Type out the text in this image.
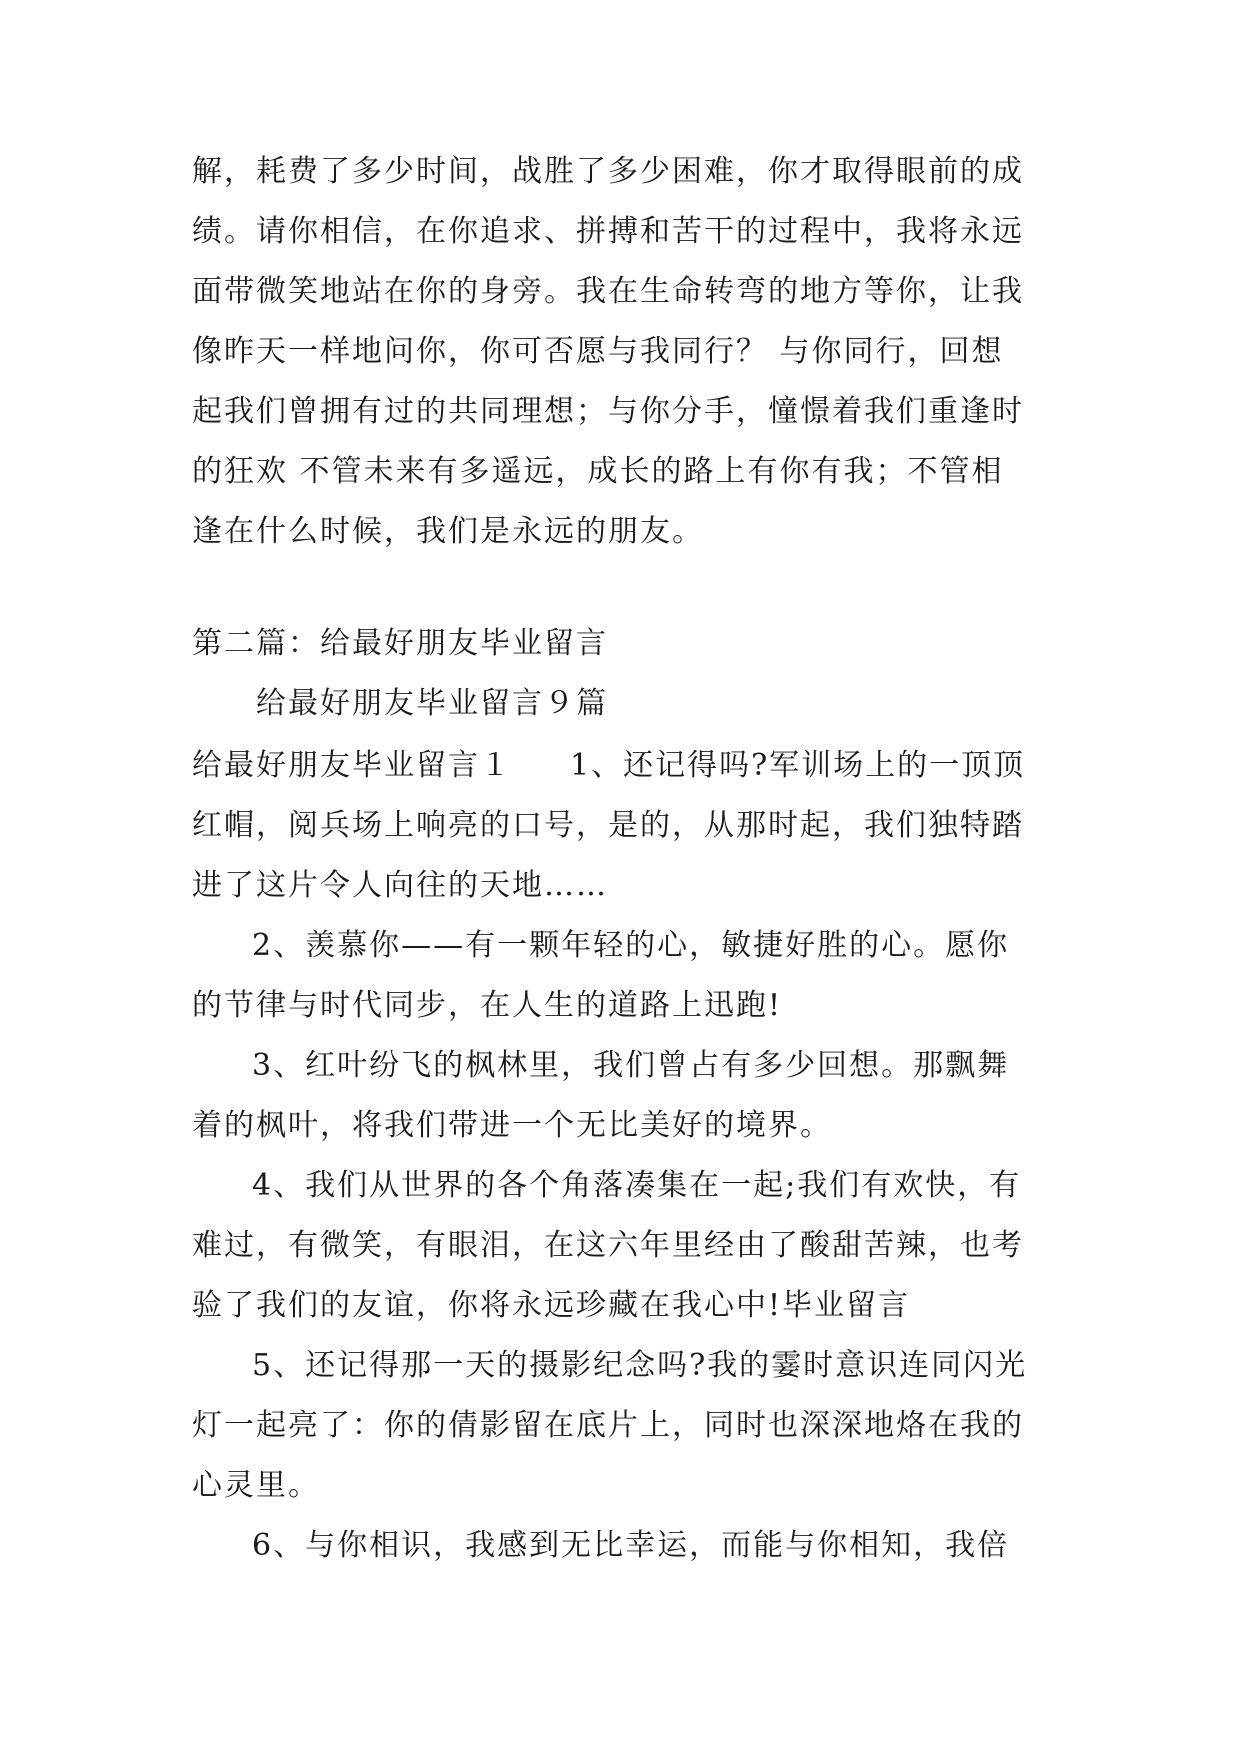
解，耗费了多少时间，战胜了多少困难，你才取得眼前的成
绩。请你相信，在你追求、拼搏和苦干的过程中，我将永远
面带微笑地站在你的身旁。我在生命转弯的地方等你，让我
像昨天一样地问你，你可否愿与我同行？ 与你同行，回想
起我们曾拥有过的共同理想；与你分手，憧憬着我们重逢时
的狂欢 不管未来有多遥远，成长的路上有你有我；不管相
逢在什么时候，我们是永远的朋友。
第二篇：给最好朋友毕业留言
给最好朋友毕业留言９篇
给最好朋友毕业留言１ 1、还记得吗?军训场上的一顶顶
红帽，阅兵场上响亮的口号，是的，从那时起，我们独特踏
进了这片令人向往的天地……
2、羡慕你——有一颗年轻的心，敏捷好胜的心。愿你
的节律与时代同步，在人生的道路上迅跑!
3、红叶纷飞的枫林里，我们曾占有多少回想。那飘舞
着的枫叶，将我们带进一个无比美好的境界。
4、我们从世界的各个角落凑集在一起;我们有欢快，有
难过，有微笑，有眼泪，在这六年里经由了酸甜苦辣，也考
验了我们的友谊，你将永远珍藏在我心中!毕业留言
5、还记得那一天的摄影纪念吗?我的霎时意识连同闪光
灯一起亮了：你的倩影留在底片上，同时也深深地烙在我的
心灵里。
6、与你相识，我感到无比幸运，而能与你相知，我倍
